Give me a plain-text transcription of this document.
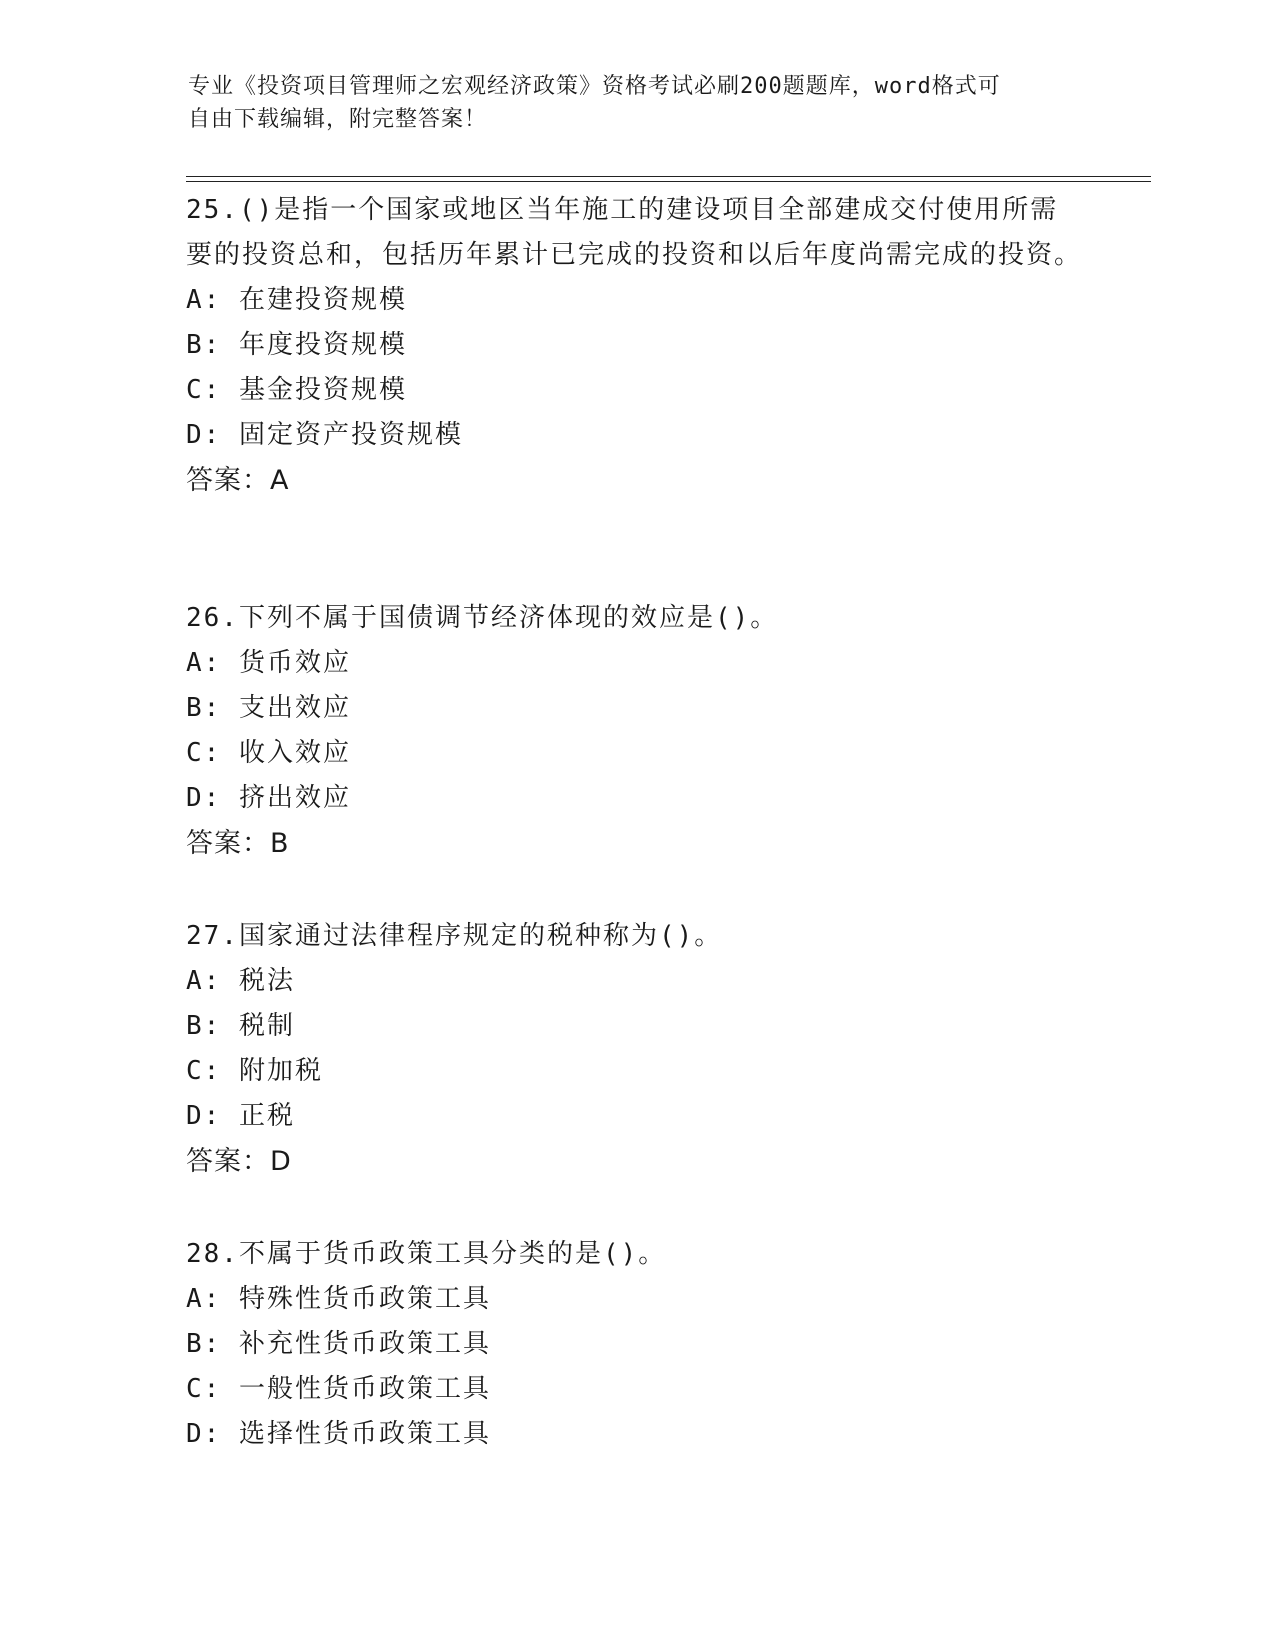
专业《投资项目管理师之宏观经济政策》资格考试必刷200题题库，word格式可
自由下载编辑，附完整答案！
25.()是指一个国家或地区当年施工的建设项目全部建成交付使用所需要的投资总和，包括历年累计已完成的投资和以后年度尚需完成的投资。
A: 在建投资规模
B: 年度投资规模
C: 基金投资规模
D: 固定资产投资规模
答案：A
26.下列不属于国债调节经济体现的效应是()。
A: 货币效应
B: 支出效应
C: 收入效应
D: 挤出效应
答案：B
27.国家通过法律程序规定的税种称为()。
A: 税法
B: 税制
C: 附加税
D: 正税
答案：D
28.不属于货币政策工具分类的是()。
A: 特殊性货币政策工具
B: 补充性货币政策工具
C: 一般性货币政策工具
D: 选择性货币政策工具
